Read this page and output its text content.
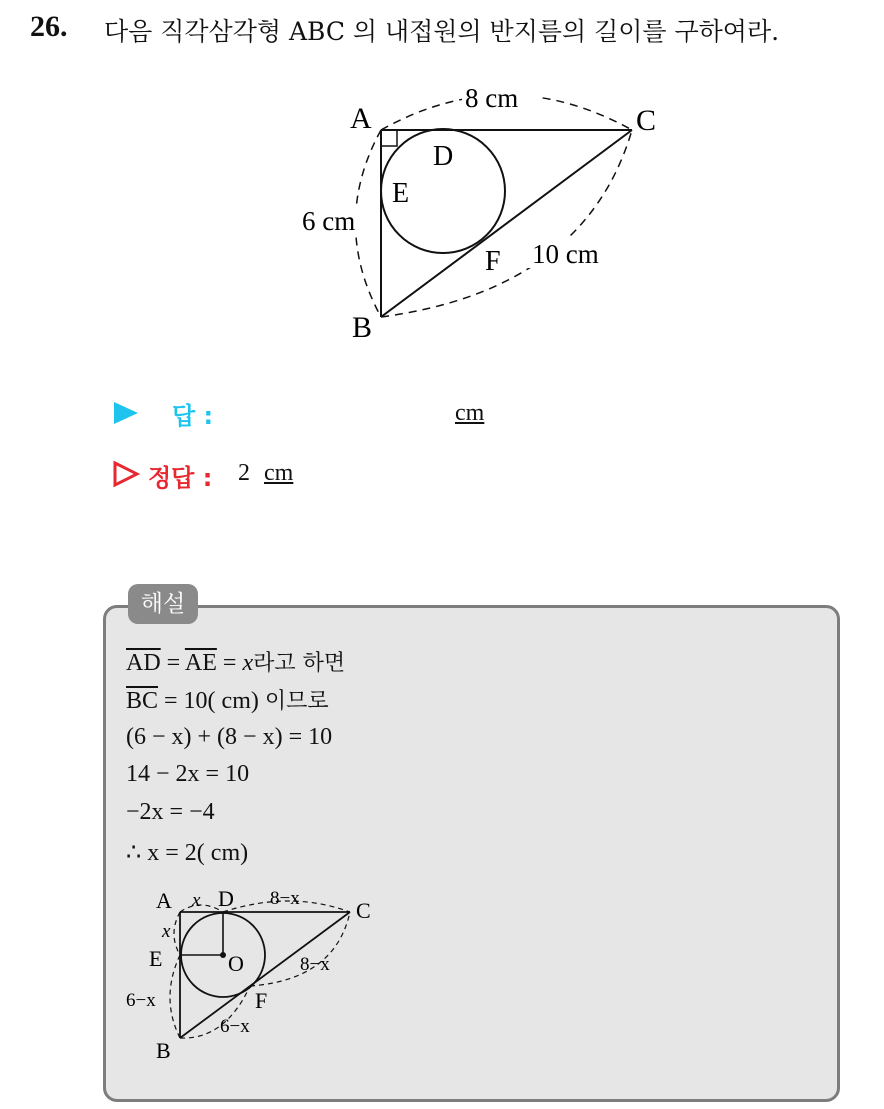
26. 다음 직각삼각형 ABC 의 내접원의 반지름의 길이를 구하여라.
A
B
C
D
E
F
8 cm
6 cm
10 cm
답 :	cm
정답 : 2 cm
해설
$\overline{AD} = \overline{AE} = x$라고 하면
$\overline{BC} = 10$( cm) 이므로
(6 − x) + (8 − x) = 10
14 − 2x = 10
−2x = −4
∴ x = 2( cm)
A
B
C
D
E	O
F
x
x
8−x
6−x
8−x
6−x
